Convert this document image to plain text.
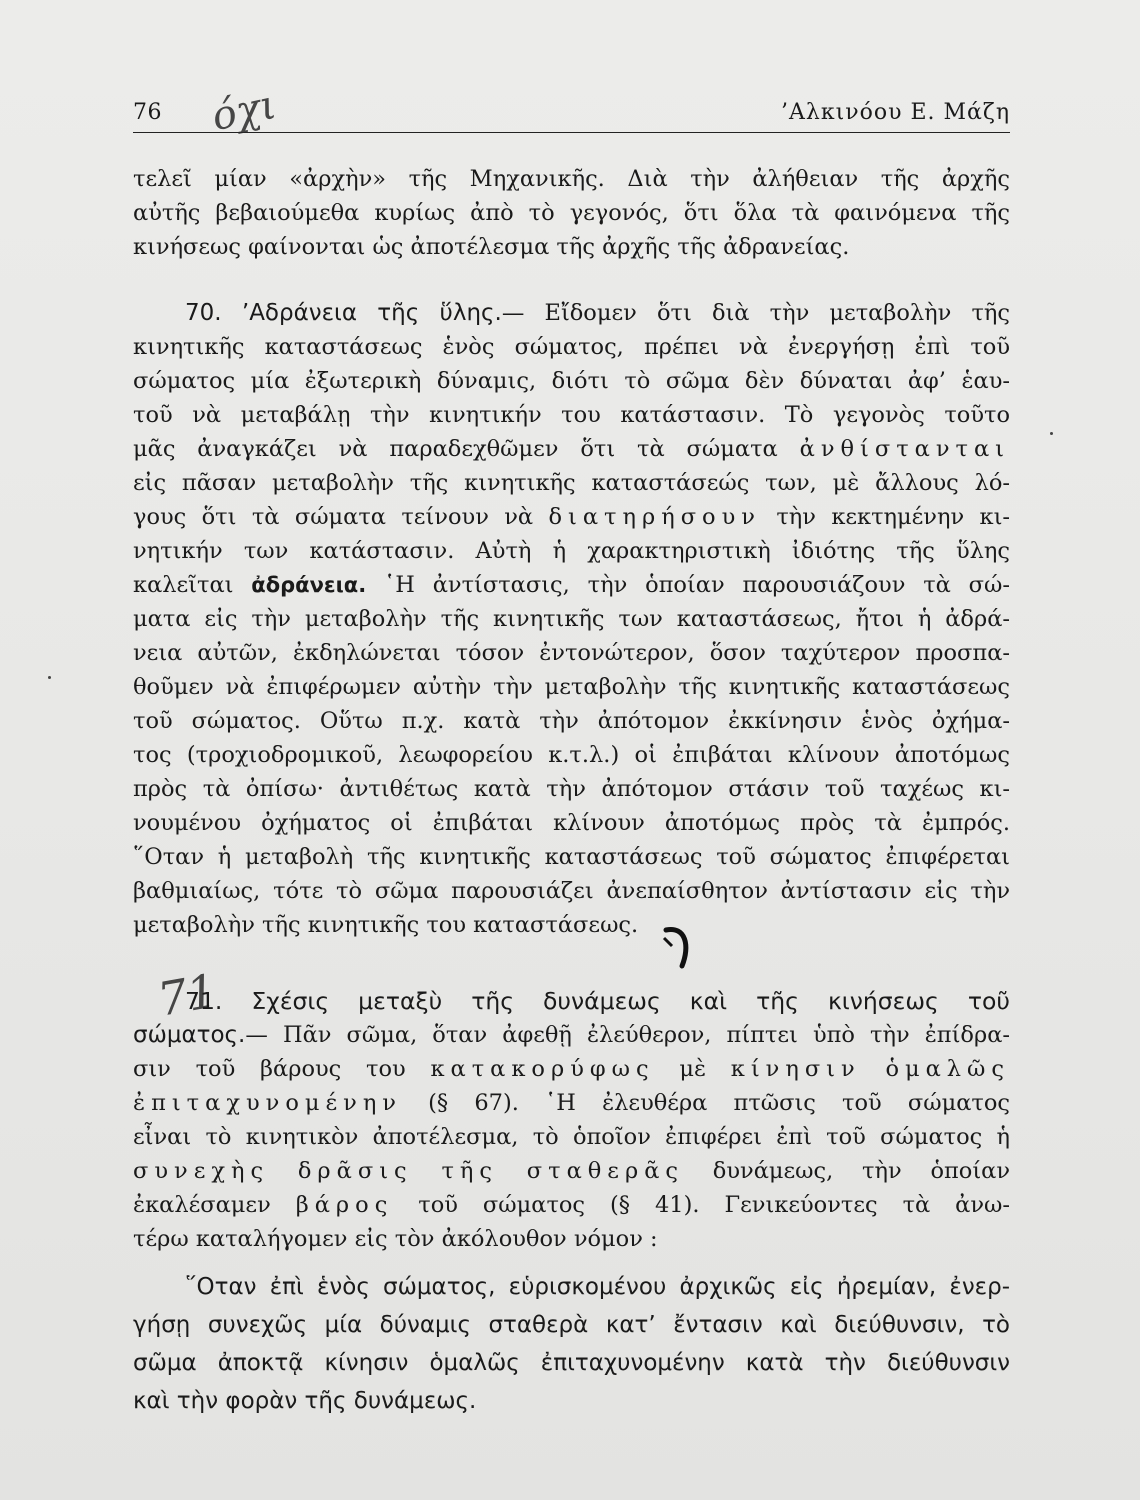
76	’Αλκινόου Ε. Μάζη
όχι
τελεῖ μίαν «ἀρχὴν» τῆς Μηχανικῆς. Διὰ τὴν ἀλήθειαν τῆς ἀρχῆς
αὐτῆς βεβαιούμεθα κυρίως ἀπὸ τὸ γεγονός, ὅτι ὅλα τὰ φαινόμενα τῆς
κινήσεως φαίνονται ὡς ἀποτέλεσμα τῆς ἀρχῆς τῆς ἀδρανείας.
70. ’Αδράνεια τῆς ὕλης.— Εἴδομεν ὅτι διὰ τὴν μεταβολὴν τῆς
κινητικῆς καταστάσεως ἑνὸς σώματος, πρέπει νὰ ἐνεργήσῃ ἐπὶ τοῦ
σώματος μία ἐξωτερικὴ δύναμις, διότι τὸ σῶμα δὲν δύναται ἀφ’ ἑαυ-
τοῦ νὰ μεταβάλῃ τὴν κινητικήν του κατάστασιν. Τὸ γεγονὸς τοῦτο
μᾶς ἀναγκάζει νὰ παραδεχθῶμεν ὅτι τὰ σώματα ἀνθίστανται
εἰς πᾶσαν μεταβολὴν τῆς κινητικῆς καταστάσεώς των, μὲ ἄλλους λό-
γους ὅτι τὰ σώματα τείνουν νὰ διατηρήσουν τὴν κεκτημένην κι-
νητικήν των κατάστασιν. Αὐτὴ ἡ χαρακτηριστικὴ ἰδιότης τῆς ὕλης
καλεῖται ἀδράνεια. ῾Η ἀντίστασις, τὴν ὁποίαν παρουσιάζουν τὰ σώ-
ματα εἰς τὴν μεταβολὴν τῆς κινητικῆς των καταστάσεως, ἤτοι ἡ ἀδρά-
νεια αὐτῶν, ἐκδηλώνεται τόσον ἐντονώτερον, ὅσον ταχύτερον προσπα-
θοῦμεν νὰ ἐπιφέρωμεν αὐτὴν τὴν μεταβολὴν τῆς κινητικῆς καταστάσεως
τοῦ σώματος. Οὕτω π.χ. κατὰ τὴν ἀπότομον ἐκκίνησιν ἑνὸς ὀχήμα-
τος (τροχιοδρομικοῦ, λεωφορείου κ.τ.λ.) οἱ ἐπιβάται κλίνουν ἀποτόμως
πρὸς τὰ ὀπίσω· ἀντιθέτως κατὰ τὴν ἀπότομον στάσιν τοῦ ταχέως κι-
νουμένου ὀχήματος οἱ ἐπιβάται κλίνουν ἀποτόμως πρὸς τὰ ἐμπρός.
῞Οταν ἡ μεταβολὴ τῆς κινητικῆς καταστάσεως τοῦ σώματος ἐπιφέρεται
βαθμιαίως, τότε τὸ σῶμα παρουσιάζει ἀνεπαίσθητον ἀντίστασιν εἰς τὴν
μεταβολὴν τῆς κινητικῆς του καταστάσεως.
71
71. Σχέσις μεταξὺ τῆς δυνάμεως καὶ τῆς κινήσεως τοῦ
σώματος.— Πᾶν σῶμα, ὅταν ἀφεθῇ ἐλεύθερον, πίπτει ὑπὸ τὴν ἐπίδρα-
σιν τοῦ βάρους του κατακορύφως μὲ κίνησιν ὁμαλῶς
ἐπιταχυνομένην (§ 67). ῾Η ἐλευθέρα πτῶσις τοῦ σώματος
εἶναι τὸ κινητικὸν ἀποτέλεσμα, τὸ ὁποῖον ἐπιφέρει ἐπὶ τοῦ σώματος ἡ
συνεχὴς δρᾶσις τῆς σταθερᾶς δυνάμεως, τὴν ὁποίαν
ἐκαλέσαμεν βάρος τοῦ σώματος (§ 41). Γενικεύοντες τὰ ἀνω-
τέρω καταλήγομεν εἰς τὸν ἀκόλουθον νόμον :
῞Οταν ἐπὶ ἑνὸς σώματος, εὑρισκομένου ἀρχικῶς εἰς ἠρεμίαν, ἐνερ-
γήσῃ συνεχῶς μία δύναμις σταθερὰ κατ’ ἔντασιν καὶ διεύθυνσιν, τὸ
σῶμα ἀποκτᾷ κίνησιν ὁμαλῶς ἐπιταχυνομένην κατὰ τὴν διεύθυνσιν
καὶ τὴν φορὰν τῆς δυνάμεως.
